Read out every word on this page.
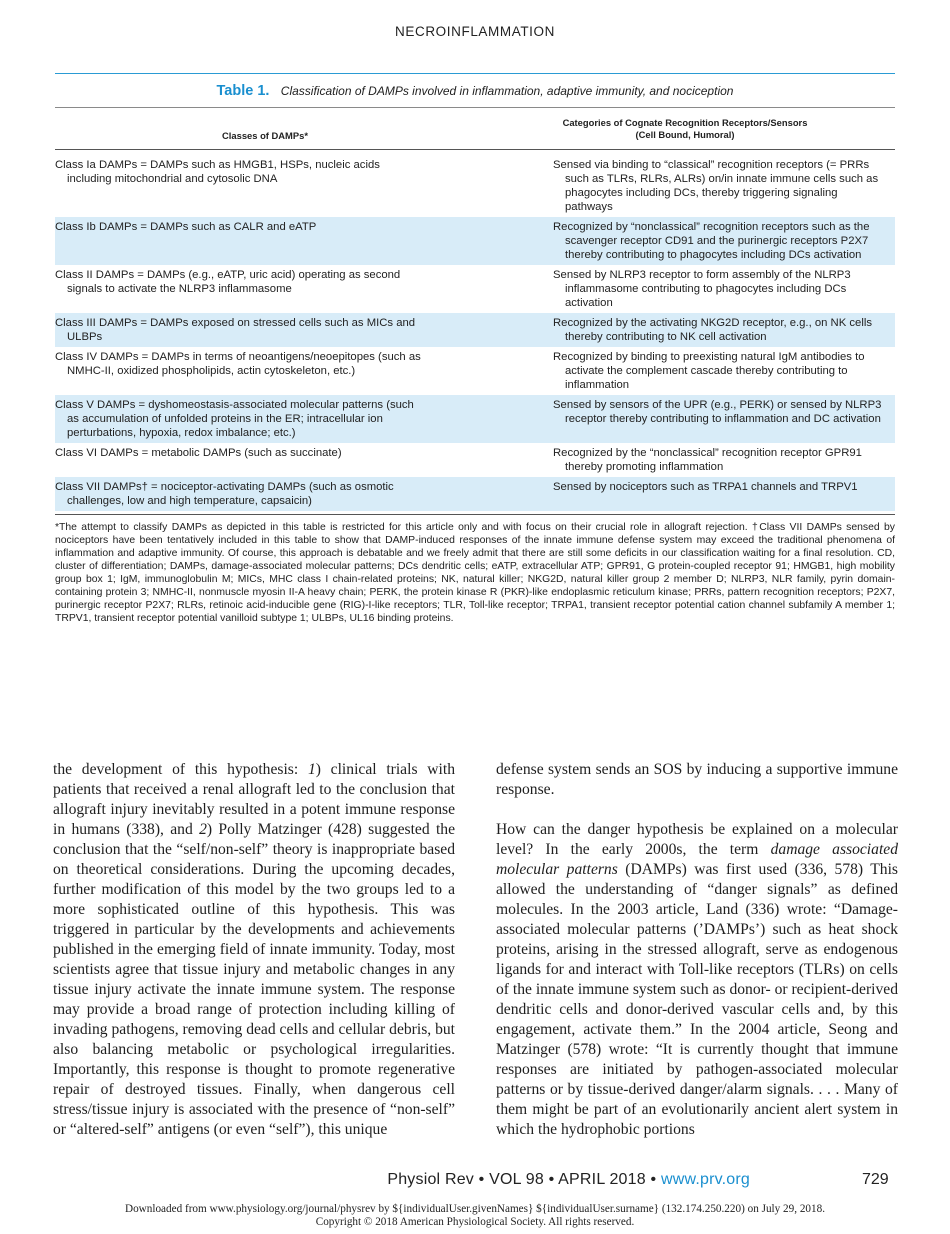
NECROINFLAMMATION
Table 1. Classification of DAMPs involved in inflammation, adaptive immunity, and nociception
Classes of DAMPs*
Categories of Cognate Recognition Receptors/Sensors
(Cell Bound, Humoral)
Class Ia DAMPs = DAMPs such as HMGB1, HSPs, nucleic acids including mitochondrial and cytosolic DNA
Sensed via binding to “classical” recognition receptors (= PRRs such as TLRs, RLRs, ALRs) on/in innate immune cells such as phagocytes including DCs, thereby triggering signaling pathways
Class Ib DAMPs = DAMPs such as CALR and eATP	Recognized by “nonclassical” recognition receptors such as the scavenger receptor CD91 and the purinergic receptors P2X7 thereby contributing to phagocytes including DCs activation
Class II DAMPs = DAMPs (e.g., eATP, uric acid) operating as second signals to activate the NLRP3 inflammasome
Sensed by NLRP3 receptor to form assembly of the NLRP3 inflammasome contributing to phagocytes including DCs activation
Class III DAMPs = DAMPs exposed on stressed cells such as MICs and ULBPs
Recognized by the activating NKG2D receptor, e.g., on NK cells thereby contributing to NK cell activation
Class IV DAMPs = DAMPs in terms of neoantigens/neoepitopes (such as NMHC-II, oxidized phospholipids, actin cytoskeleton, etc.)
Recognized by binding to preexisting natural IgM antibodies to activate the complement cascade thereby contributing to inflammation
Class V DAMPs = dyshomeostasis-associated molecular patterns (such as accumulation of unfolded proteins in the ER; intracellular ion perturbations, hypoxia, redox imbalance; etc.)
Sensed by sensors of the UPR (e.g., PERK) or sensed by NLRP3 receptor thereby contributing to inflammation and DC activation
Class VI DAMPs = metabolic DAMPs (such as succinate)	Recognized by the “nonclassical” recognition receptor GPR91 thereby promoting inflammation
Class VII DAMPs† = nociceptor-activating DAMPs (such as osmotic challenges, low and high temperature, capsaicin)
Sensed by nociceptors such as TRPA1 channels and TRPV1

*The attempt to classify DAMPs as depicted in this table is restricted for this article only and with focus on their crucial role in allograft rejection. †Class VII DAMPs sensed by nociceptors have been tentatively included in this table to show that DAMP-induced responses of the innate immune defense system may exceed the traditional phenomena of inflammation and adaptive immunity. Of course, this approach is debatable and we freely admit that there are still some deficits in our classification waiting for a final resolution. CD, cluster of differentiation; DAMPs, damage-associated molecular patterns; DCs dendritic cells; eATP, extracellular ATP; GPR91, G protein-coupled receptor 91; HMGB1, high mobility group box 1; IgM, immunoglobulin M; MICs, MHC class I chain-related proteins; NK, natural killer; NKG2D, natural killer group 2 member D; NLRP3, NLR family, pyrin domain-containing protein 3; NMHC-II, nonmuscle myosin II-A heavy chain; PERK, the protein kinase R (PKR)-like endoplasmic reticulum kinase; PRRs, pattern recognition receptors; P2X7, purinergic receptor P2X7; RLRs, retinoic acid-inducible gene (RIG)-I-like receptors; TLR, Toll-like receptor; TRPA1, transient receptor potential cation channel subfamily A member 1; TRPV1, transient receptor potential vanilloid subtype 1; ULBPs, UL16 binding proteins.

the development of this hypothesis: 1) clinical trials with patients that received a renal allograft led to the conclusion that allograft injury inevitably resulted in a potent immune response in humans (338), and 2) Polly Matzinger (428) suggested the conclusion that the “self/non-self” theory is inappropriate based on theoretical considerations. During the upcoming decades, further modification of this model by the two groups led to a more sophisticated outline of this hypothesis. This was triggered in particular by the developments and achievements published in the emerging field of innate immunity. Today, most scientists agree that tissue injury and metabolic changes in any tissue injury activate the innate immune system. The response may provide a broad range of protection including killing of invading pathogens, removing dead cells and cellular debris, but also balancing metabolic or psychological irregularities. Importantly, this response is thought to promote regenerative repair of destroyed tissues. Finally, when dangerous cell stress/tissue injury is associated with the presence of “non-self” or “altered-self” antigens (or even “self”), this unique

defense system sends an SOS by inducing a supportive immune response.

How can the danger hypothesis be explained on a molecular level? In the early 2000s, the term damage associated molecular patterns (DAMPs) was first used (336, 578) This allowed the understanding of “danger signals” as defined molecules. In the 2003 article, Land (336) wrote: “Damage-associated molecular patterns (’DAMPs’) such as heat shock proteins, arising in the stressed allograft, serve as endogenous ligands for and interact with Toll-like receptors (TLRs) on cells of the innate immune system such as donor- or recipient-derived dendritic cells and donor-derived vascular cells and, by this engagement, activate them.” In the 2004 article, Seong and Matzinger (578) wrote: “It is currently thought that immune responses are initiated by pathogen-associated molecular patterns or by tissue-derived danger/alarm signals. . . . Many of them might be part of an evolutionarily ancient alert system in which the hydrophobic portions

Physiol Rev • VOL 98 • APRIL 2018 • www.prv.org	729
Downloaded from www.physiology.org/journal/physrev by ${individualUser.givenNames} ${individualUser.surname} (132.174.250.220) on July 29, 2018.
Copyright © 2018 American Physiological Society. All rights reserved.
